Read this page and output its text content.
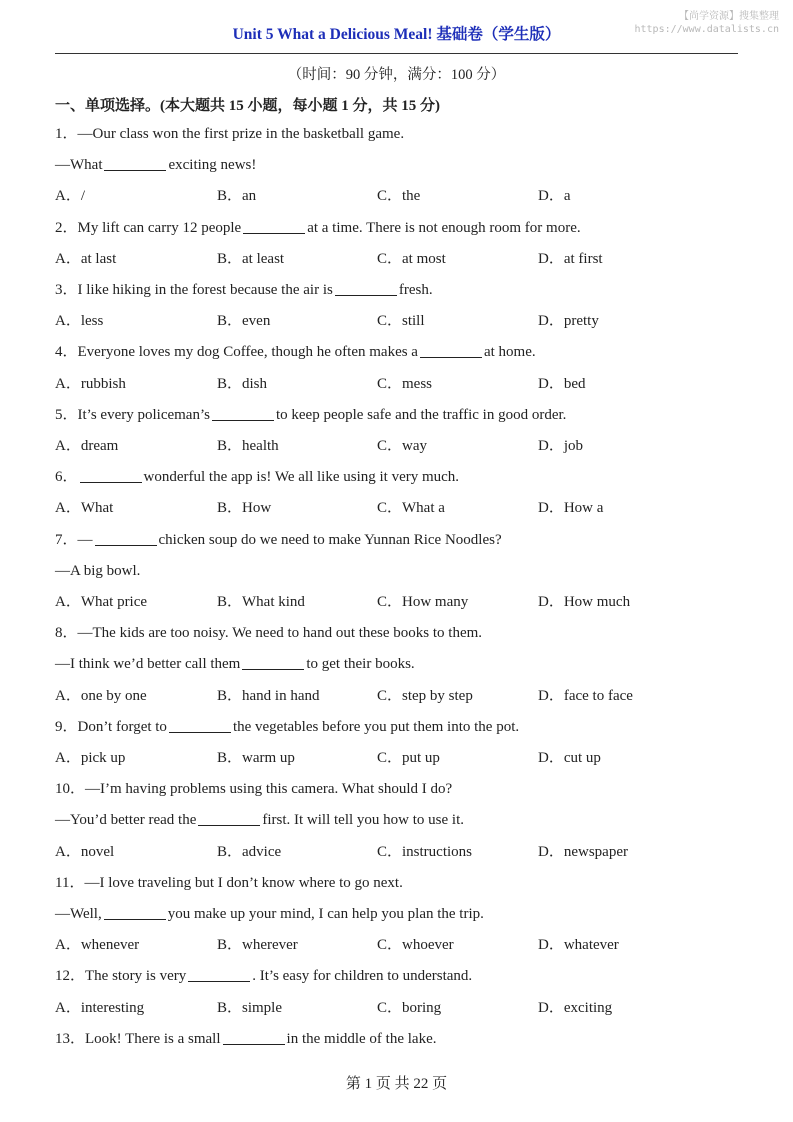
【尚学资源】搜集整理
https://www.datalists.cn
Unit 5 What a Delicious Meal! 基础卷（学生版）
（时间：90 分钟，满分：100 分）
一、单项选择。(本大题共 15 小题，每小题 1 分，共 15 分)
1．—Our class won the first prize in the basketball game.
—What	exciting news!
A．/	B．an	C．the	D．a
2．My lift can carry 12 people	at a time. There is not enough room for more.
A．at last	B．at least	C．at most	D．at first
3．I like hiking in the forest because the air is	fresh.
A．less	B．even	C．still	D．pretty
4．Everyone loves my dog Coffee, though he often makes a	at home.
A．rubbish	B．dish	C．mess	D．bed
5．It’s every policeman’s	to keep people safe and the traffic in good order.
A．dream	B．health	C．way	D．job
6．	wonderful the app is! We all like using it very much.
A．What	B．How	C．What a	D．How a
7．—	chicken soup do we need to make Yunnan Rice Noodles?
—A big bowl.
A．What price	B．What kind	C．How many	D．How much
8．—The kids are too noisy. We need to hand out these books to them.
—I think we’d better call them	to get their books.
A．one by one	B．hand in hand	C．step by step	D．face to face
9．Don’t forget to	the vegetables before you put them into the pot.
A．pick up	B．warm up	C．put up	D．cut up
10．—I’m having problems using this camera. What should I do?
—You’d better read the	first. It will tell you how to use it.
A．novel	B．advice	C．instructions	D．newspaper
11．—I love traveling but I don’t know where to go next.
—Well,	you make up your mind, I can help you plan the trip.
A．whenever	B．wherever	C．whoever	D．whatever
12．The story is very	. It’s easy for children to understand.
A．interesting	B．simple	C．boring	D．exciting
13．Look! There is a small	in the middle of the lake.
第 1 页 共 22 页
